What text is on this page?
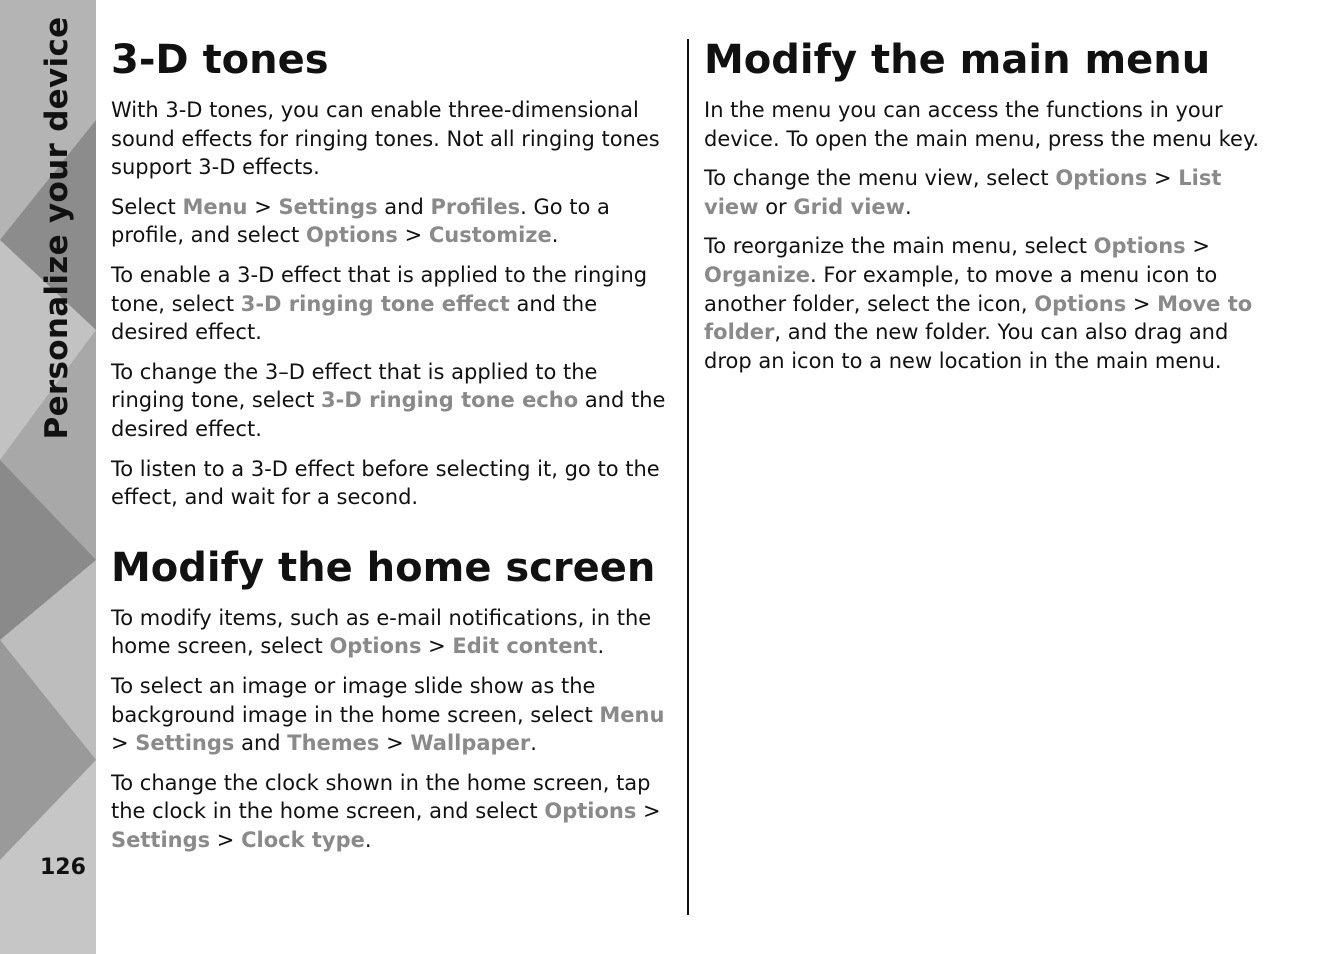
Personalize your device
126
3-D tones

With 3-D tones, you can enable three-dimensional sound effects for ringing tones. Not all ringing tones support 3-D effects.

Select Menu > Settings and Profiles. Go to a profile, and select Options > Customize.

To enable a 3-D effect that is applied to the ringing tone, select 3-D ringing tone effect and the desired effect.

To change the 3–D effect that is applied to the ringing tone, select 3-D ringing tone echo and the desired effect.

To listen to a 3-D effect before selecting it, go to the effect, and wait for a second.

Modify the home screen

To modify items, such as e-mail notifications, in the home screen, select Options > Edit content.

To select an image or image slide show as the background image in the home screen, select Menu > Settings and Themes > Wallpaper.

To change the clock shown in the home screen, tap the clock in the home screen, and select Options > Settings > Clock type.

Modify the main menu

In the menu you can access the functions in your device. To open the main menu, press the menu key.

To change the menu view, select Options > List view or Grid view.

To reorganize the main menu, select Options > Organize. For example, to move a menu icon to another folder, select the icon, Options > Move to folder, and the new folder. You can also drag and drop an icon to a new location in the main menu.
